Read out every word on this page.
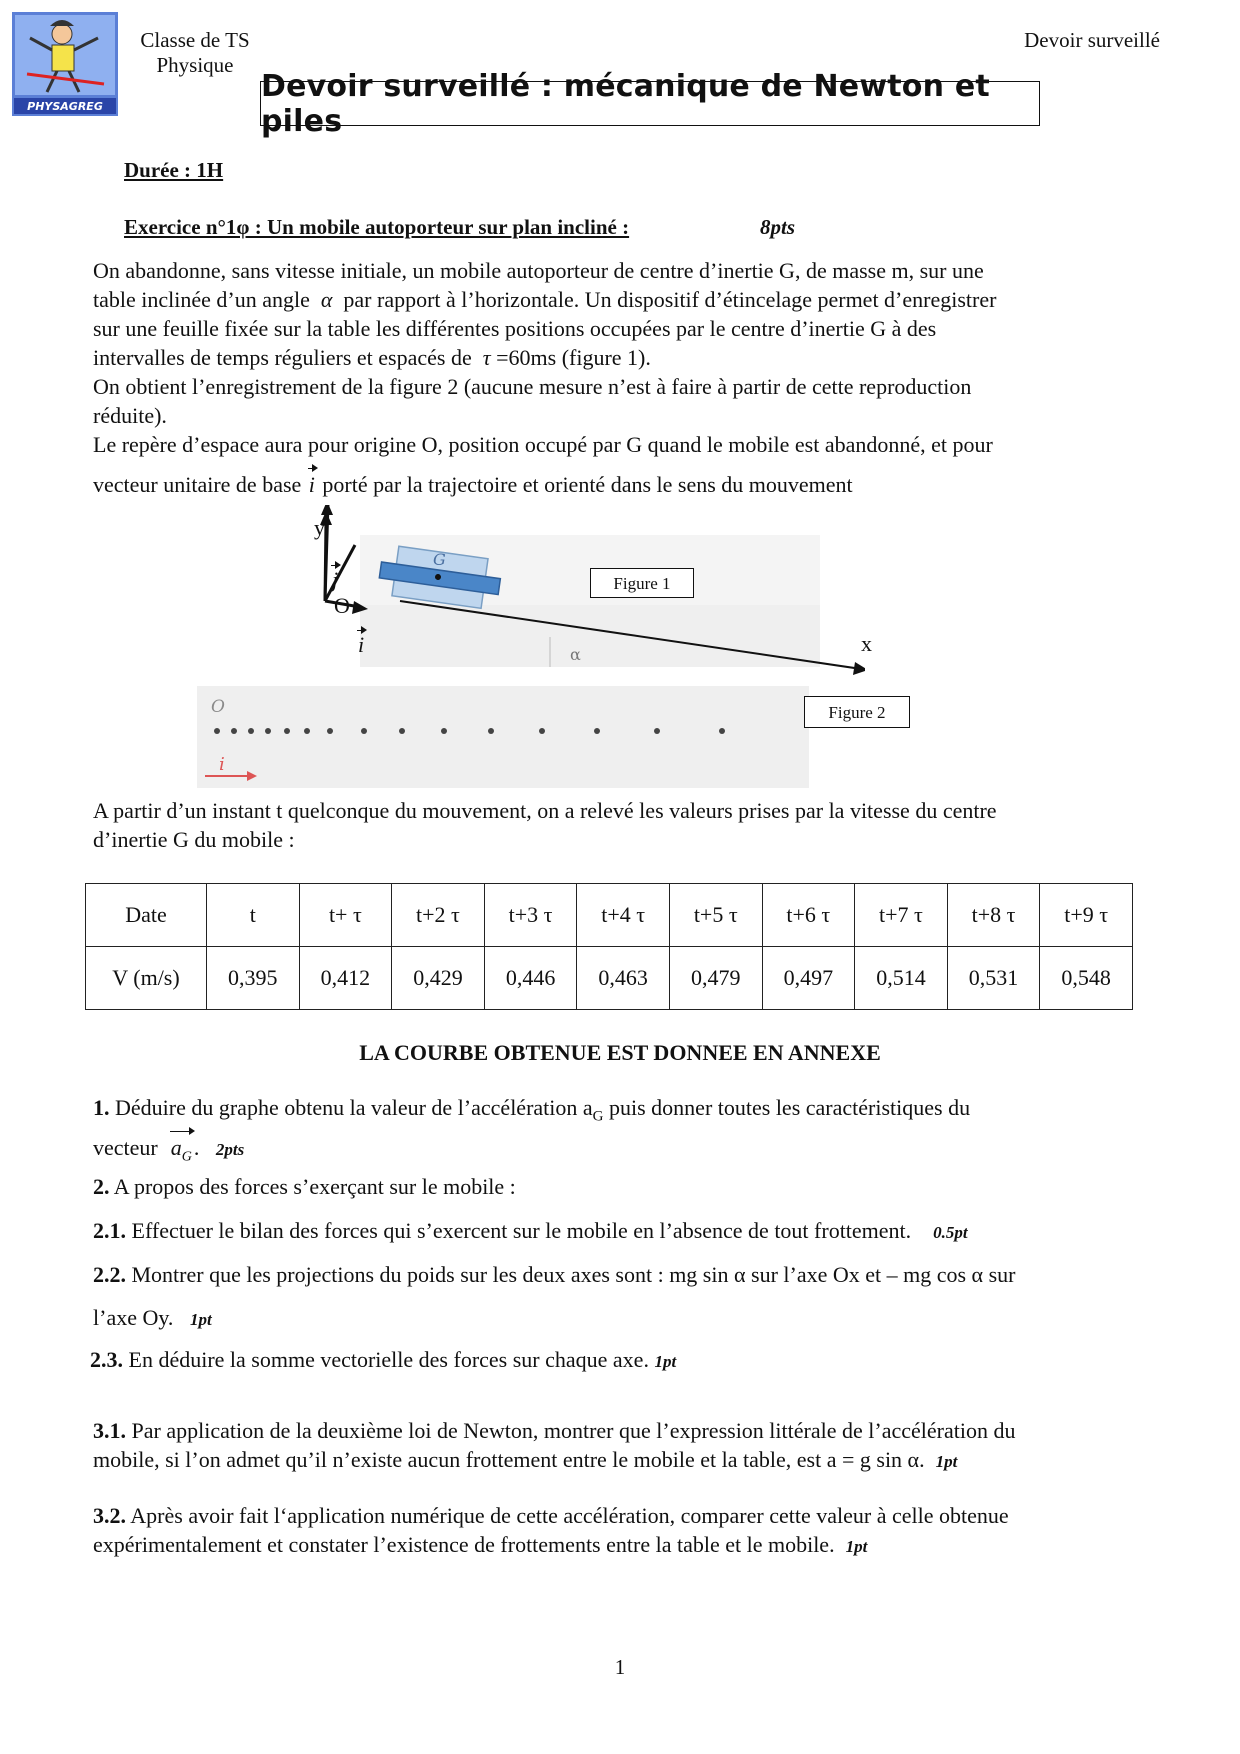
PHYSAGREG
Classe de TS
Physique
Devoir surveillé
Devoir surveillé : mécanique de Newton et piles
Durée : 1H
Exercice n°1φ : Un mobile autoporteur sur plan incliné :	8pts

On abandonne, sans vitesse initiale, un mobile autoporteur de centre d’inertie G, de masse m, sur une

table inclinée d’un angle α par rapport à l’horizontale. Un dispositif d’étincelage permet d’enregistrer

sur une feuille fixée sur la table les différentes positions occupées par le centre d’inertie G à des

intervalles de temps réguliers et espacés de τ =60ms (figure 1).

On obtient l’enregistrement de la figure 2 (aucune mesure n’est à faire à partir de cette reproduction

réduite).

Le repère d’espace aura pour origine O, position occupé par G quand le mobile est abandonné, et pour

vecteur unitaire de base i porté par la trajectoire et orienté dans le sens du mouvement
α
G
y
j
O
i	x
Figure 1
O
i
Figure 2

A partir d’un instant t quelconque du mouvement, on a relevé les valeurs prises par la vitesse du centre

d’inertie G du mobile :

Date	t	t+ τ	t+2 τ	t+3 τ	t+4 τ	t+5 τ	t+6 τ	t+7 τ	t+8 τ	t+9 τ
V (m/s)	0,395	0,412	0,429	0,446	0,463	0,479	0,497	0,514	0,531	0,548
LA COURBE OBTENUE EST DONNEE EN ANNEXE
1. Déduire du graphe obtenu la valeur de l’accélération $a_G$ puis donner toutes les caractéristiques du
vecteur $a_G$. 2pts
2. A propos des forces s’exerçant sur le mobile :
2.1. Effectuer le bilan des forces qui s’exercent sur le mobile en l’absence de tout frottement. 0.5pt
2.2. Montrer que les projections du poids sur les deux axes sont : mg sin α sur l’axe Ox et – mg cos α sur
l’axe Oy. 1pt
2.3. En déduire la somme vectorielle des forces sur chaque axe. 1pt
3.1. Par application de la deuxième loi de Newton, montrer que l’expression littérale de l’accélération du
mobile, si l’on admet qu’il n’existe aucun frottement entre le mobile et la table, est a = g sin α. 1pt
3.2. Après avoir fait l‘application numérique de cette accélération, comparer cette valeur à celle obtenue
expérimentalement et constater l’existence de frottements entre la table et le mobile. 1pt
1
